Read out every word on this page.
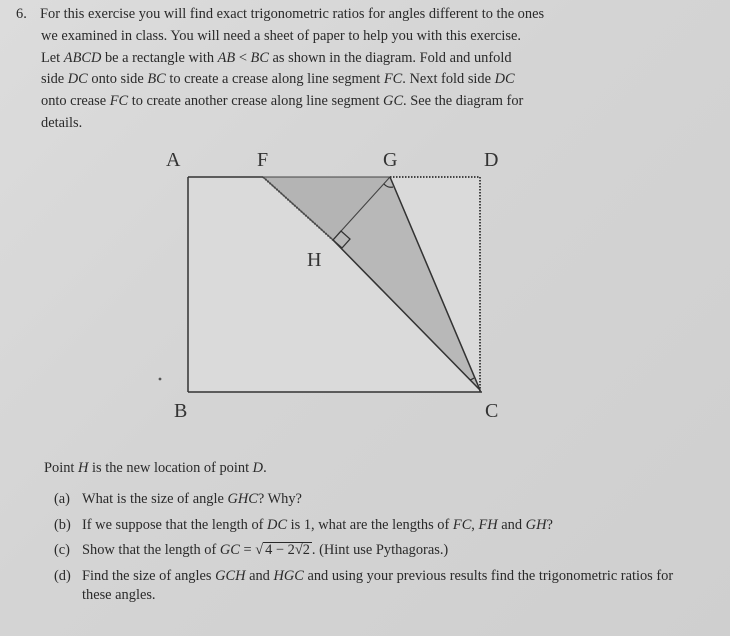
6. For this exercise you will find exact trigonometric ratios for angles different to the ones
we examined in class. You will need a sheet of paper to help you with this exercise.
Let ABCD be a rectangle with AB < BC as shown in the diagram. Fold and unfold
side DC onto side BC to create a crease along line segment FC. Next fold side DC
onto crease FC to create another crease along line segment GC. See the diagram for
details.
A	F	G	D
H
B	C
Point H is the new location of point D.
(a) What is the size of angle GHC? Why?
(b) If we suppose that the length of DC is 1, what are the lengths of FC, FH and GH?
(c) Show that the length of GC = √ 4 − 2√2 . (Hint use Pythagoras.)
(d) Find the size of angles GCH and HGC and using your previous results find the trigonometric ratios for these angles.
